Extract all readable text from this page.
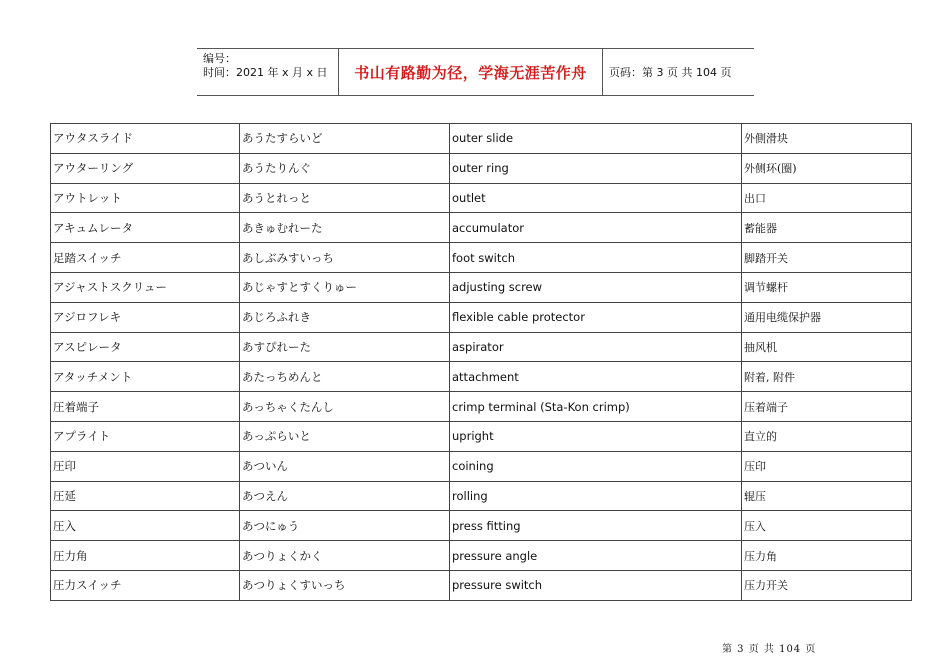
编号：
时间：2021 年 x 月 x 日	书山有路勤为径，学海无涯苦作舟	页码：第 3 页 共 104 页
アウタスライド	あうたすらいど	outer slide	外側滑块
アウターリング	あうたりんぐ	outer ring	外侧环(圈)
アウトレット	あうとれっと	outlet	出口
アキュムレータ	あきゅむれーた	accumulator	蓄能器
足踏スイッチ	あしぶみすいっち	foot switch	脚踏开关
アジャストスクリュー	あじゃすとすくりゅー	adjusting screw	调节螺杆
アジロフレキ	あじろふれき	flexible cable protector	通用电缆保护器
アスピレータ	あすぴれーた	aspirator	抽风机
アタッチメント	あたっちめんと	attachment	附着, 附件
圧着端子	あっちゃくたんし	crimp terminal (Sta-Kon crimp)	压着端子
アプライト	あっぷらいと	upright	直立的
圧印	あついん	coining	压印
圧延	あつえん	rolling	辊压
圧入	あつにゅう	press fitting	压入
圧力角	あつりょくかく	pressure angle	压力角
圧力スイッチ	あつりょくすいっち	pressure switch	压力开关
第 3 页 共 104 页
